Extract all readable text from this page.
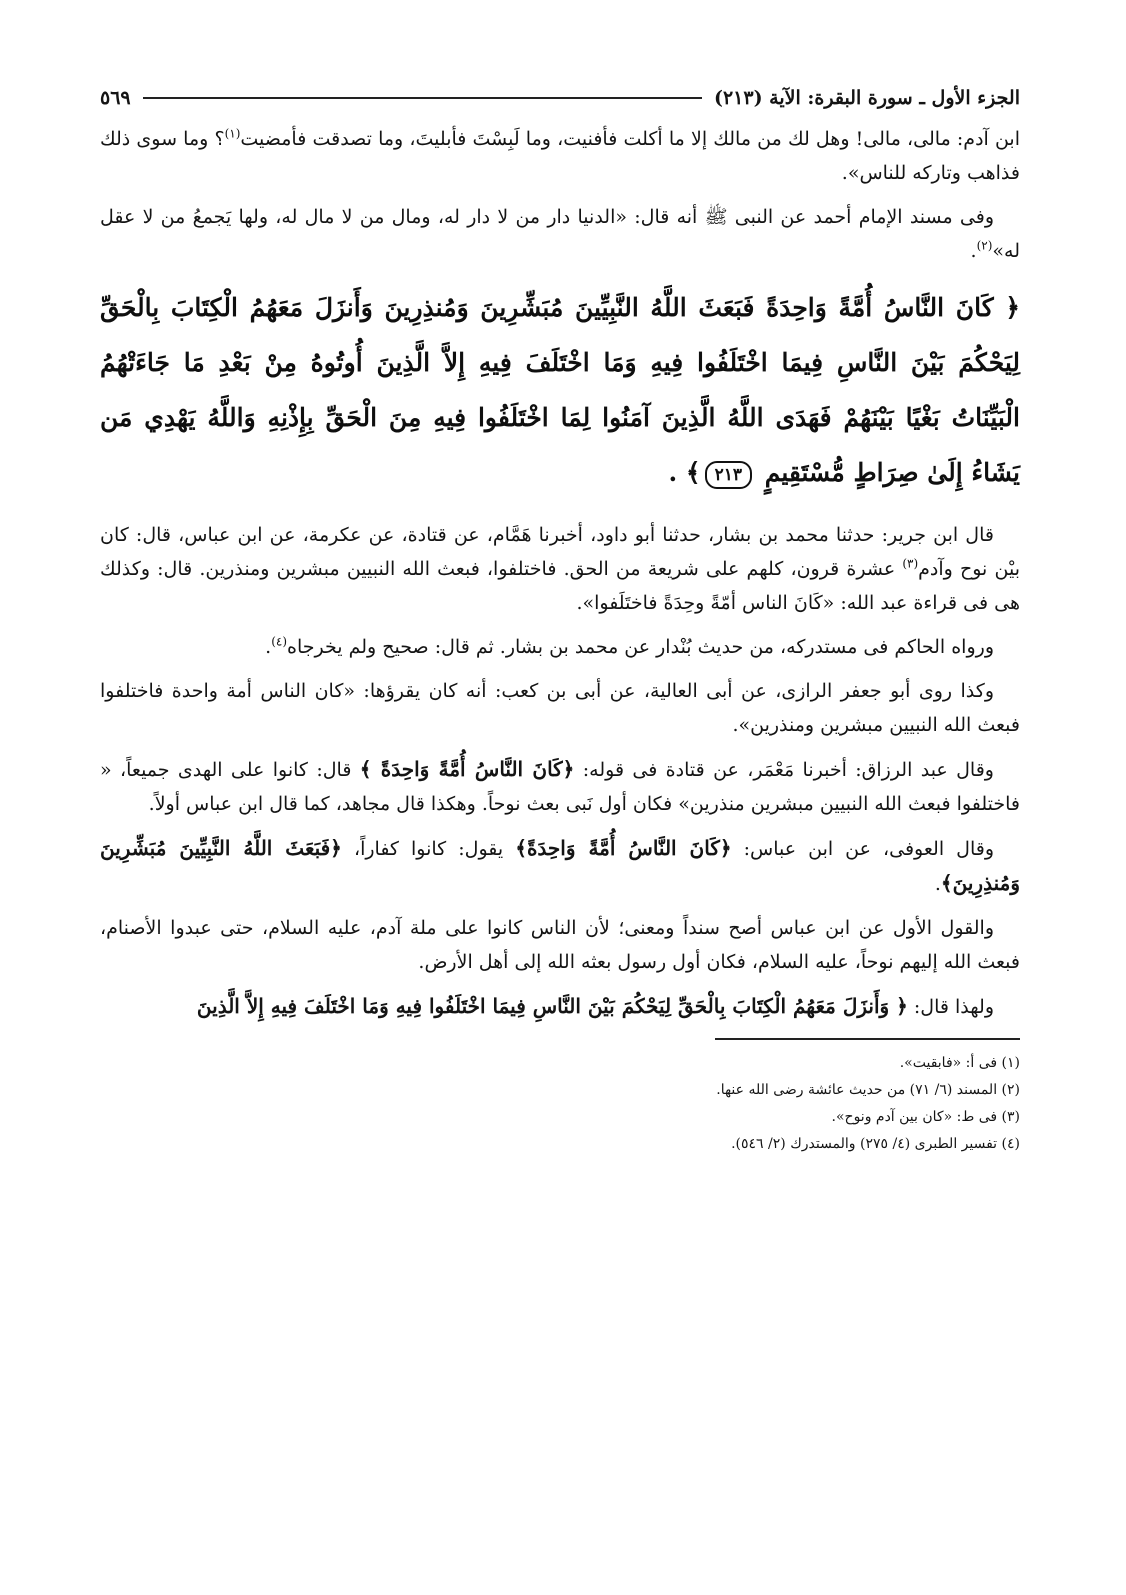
الجزء الأول ـ سورة البقرة: الآية (٢١٣)
٥٦٩

ابن آدم: مالى، مالى! وهل لك من مالك إلا ما أكلت فأفنيت، وما لَبِسْتَ فأبليتَ، وما تصدقت فأمضيت$^{(١)}$؟ وما سوى ذلك فذاهب وتاركه للناس».

وفى مسند الإمام أحمد عن النبى ﷺ أنه قال: «الدنيا دار من لا دار له، ومال من لا مال له، ولها يَجمعُ من لا عقل له»$^{(٢)}$.

﴿ كَانَ النَّاسُ أُمَّةً وَاحِدَةً فَبَعَثَ اللَّهُ النَّبِيِّينَ مُبَشِّرِينَ وَمُنذِرِينَ وَأَنزَلَ مَعَهُمُ الْكِتَابَ بِالْحَقِّ لِيَحْكُمَ بَيْنَ النَّاسِ فِيمَا اخْتَلَفُوا فِيهِ وَمَا اخْتَلَفَ فِيهِ إِلاَّ الَّذِينَ أُوتُوهُ مِنْ بَعْدِ مَا جَاءَتْهُمُ الْبَيِّنَاتُ بَغْيًا بَيْنَهُمْ فَهَدَى اللَّهُ الَّذِينَ آمَنُوا لِمَا اخْتَلَفُوا فِيهِ مِنَ الْحَقِّ بِإِذْنِهِ وَاللَّهُ يَهْدِي مَن يَشَاءُ إِلَىٰ صِرَاطٍ مُّسْتَقِيمٍ ٢١٣﴾ .

قال ابن جرير: حدثنا محمد بن بشار، حدثنا أبو داود، أخبرنا هَمَّام، عن قتادة، عن عكرمة، عن ابن عباس، قال: كان بيْن نوح وآدم$^{(٣)}$ عشرة قرون، كلهم على شريعة من الحق. فاختلفوا، فبعث الله النبيين مبشرين ومنذرين. قال: وكذلك هى فى قراءة عبد الله: «كَانَ الناس أمّةً وحِدَةً فاختَلَفوا».

ورواه الحاكم فى مستدركه، من حديث بُنْدار عن محمد بن بشار. ثم قال: صحيح ولم يخرجاه$^{(٤)}$.

وكذا روى أبو جعفر الرازى، عن أبى العالية، عن أبى بن كعب: أنه كان يقرؤها: «كان الناس أمة واحدة فاختلفوا فبعث الله النبيين مبشرين ومنذرين».

وقال عبد الرزاق: أخبرنا مَعْمَر، عن قتادة فى قوله: ﴿كَانَ النَّاسُ أُمَّةً وَاحِدَةً ﴾ قال: كانوا على الهدى جميعاً، « فاختلفوا فبعث الله النبيين مبشرين منذرين» فكان أول نَبى بعث نوحاً. وهكذا قال مجاهد، كما قال ابن عباس أولاً.

وقال العوفى، عن ابن عباس: ﴿كَانَ النَّاسُ أُمَّةً وَاحِدَةً﴾ يقول: كانوا كفاراً، ﴿فَبَعَثَ اللَّهُ النَّبِيِّينَ مُبَشِّرِينَ وَمُنذِرِينَ﴾.

والقول الأول عن ابن عباس أصح سنداً ومعنى؛ لأن الناس كانوا على ملة آدم، عليه السلام، حتى عبدوا الأصنام، فبعث الله إليهم نوحاً، عليه السلام، فكان أول رسول بعثه الله إلى أهل الأرض.

ولهذا قال: ﴿ وَأَنزَلَ مَعَهُمُ الْكِتَابَ بِالْحَقِّ لِيَحْكُمَ بَيْنَ النَّاسِ فِيمَا اخْتَلَفُوا فِيهِ وَمَا اخْتَلَفَ فِيهِ إِلاَّ الَّذِينَ

(١) فى أ: «فابقيت».
(٢) المسند (٦/ ٧١) من حديث عائشة رضى الله عنها.
(٣) فى ط: «كان بين آدم ونوح».
(٤) تفسير الطبرى (٤/ ٢٧٥) والمستدرك (٢/ ٥٤٦).
